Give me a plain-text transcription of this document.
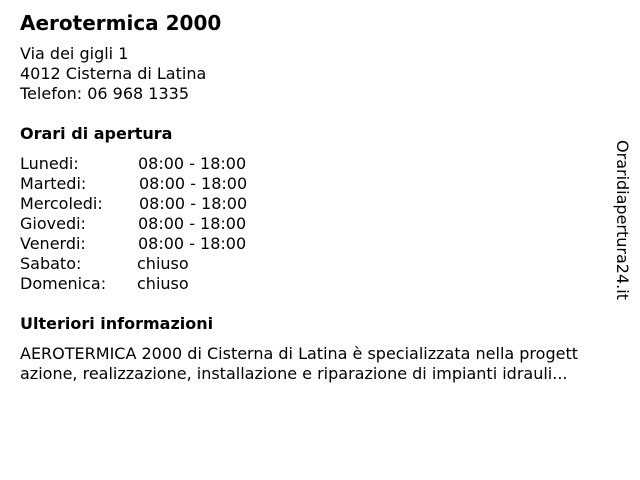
Aerotermica 2000
Via dei gigli 1
4012 Cisterna di Latina
Telefon: 06 968 1335
Orari di apertura
Lunedi:	08:00 - 18:00
Martedi:	08:00 - 18:00
Mercoledi: 08:00 - 18:00
Giovedi:	08:00 - 18:00
Venerdi:	08:00 - 18:00
Sabato:	chiuso
Domenica: chiuso
Ulteriori informazioni
AEROTERMICA 2000 di Cisterna di Latina è specializzata nella progett
azione, realizzazione, installazione e riparazione di impianti idrauli...
Oraridiapertura24.it
